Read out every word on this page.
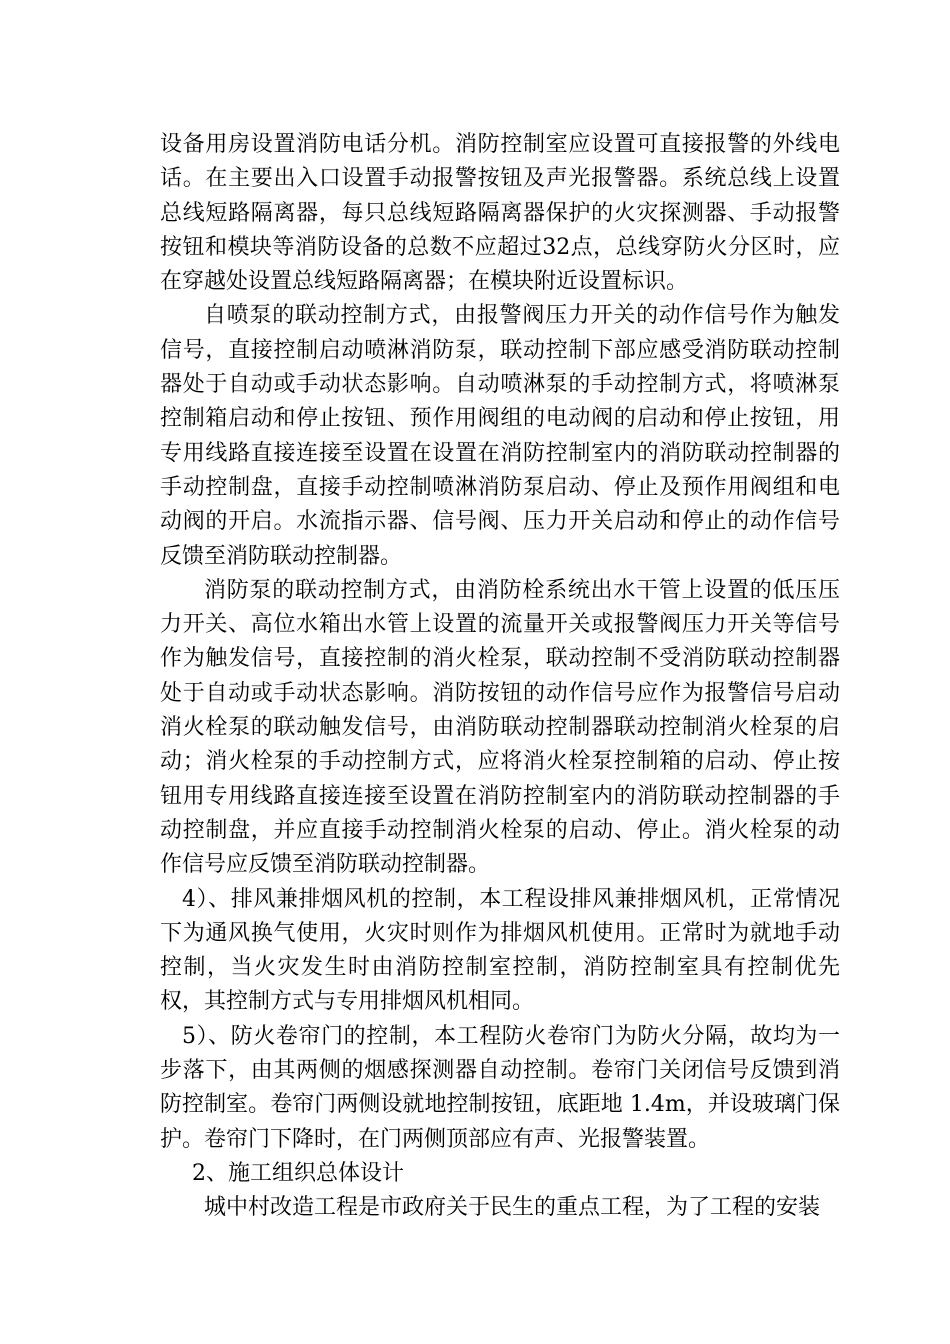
设备用房设置消防电话分机。消防控制室应设置可直接报警的外线电话。在主要出入口设置手动报警按钮及声光报警器。系统总线上设置总线短路隔离器，每只总线短路隔离器保护的火灾探测器、手动报警按钮和模块等消防设备的总数不应超过32点，总线穿防火分区时，应在穿越处设置总线短路隔离器；在模块附近设置标识。

自喷泵的联动控制方式，由报警阀压力开关的动作信号作为触发信号，直接控制启动喷淋消防泵，联动控制下部应感受消防联动控制器处于自动或手动状态影响。自动喷淋泵的手动控制方式，将喷淋泵控制箱启动和停止按钮、预作用阀组的电动阀的启动和停止按钮，用专用线路直接连接至设置在设置在消防控制室内的消防联动控制器的手动控制盘，直接手动控制喷淋消防泵启动、停止及预作用阀组和电动阀的开启。水流指示器、信号阀、压力开关启动和停止的动作信号反馈至消防联动控制器。

消防泵的联动控制方式，由消防栓系统出水干管上设置的低压压力开关、高位水箱出水管上设置的流量开关或报警阀压力开关等信号作为触发信号，直接控制的消火栓泵，联动控制不受消防联动控制器处于自动或手动状态影响。消防按钮的动作信号应作为报警信号启动消火栓泵的联动触发信号，由消防联动控制器联动控制消火栓泵的启动；消火栓泵的手动控制方式，应将消火栓泵控制箱的启动、停止按钮用专用线路直接连接至设置在消防控制室内的消防联动控制器的手动控制盘，并应直接手动控制消火栓泵的启动、停止。消火栓泵的动作信号应反馈至消防联动控制器。

4）、排风兼排烟风机的控制，本工程设排风兼排烟风机，正常情况下为通风换气使用，火灾时则作为排烟风机使用。正常时为就地手动控制，当火灾发生时由消防控制室控制，消防控制室具有控制优先权，其控制方式与专用排烟风机相同。

5）、防火卷帘门的控制，本工程防火卷帘门为防火分隔，故均为一步落下，由其两侧的烟感探测器自动控制。卷帘门关闭信号反馈到消防控制室。卷帘门两侧设就地控制按钮，底距地 1.4m，并设玻璃门保护。卷帘门下降时，在门两侧顶部应有声、光报警装置。

2、施工组织总体设计

城中村改造工程是市政府关于民生的重点工程，为了工程的安装
